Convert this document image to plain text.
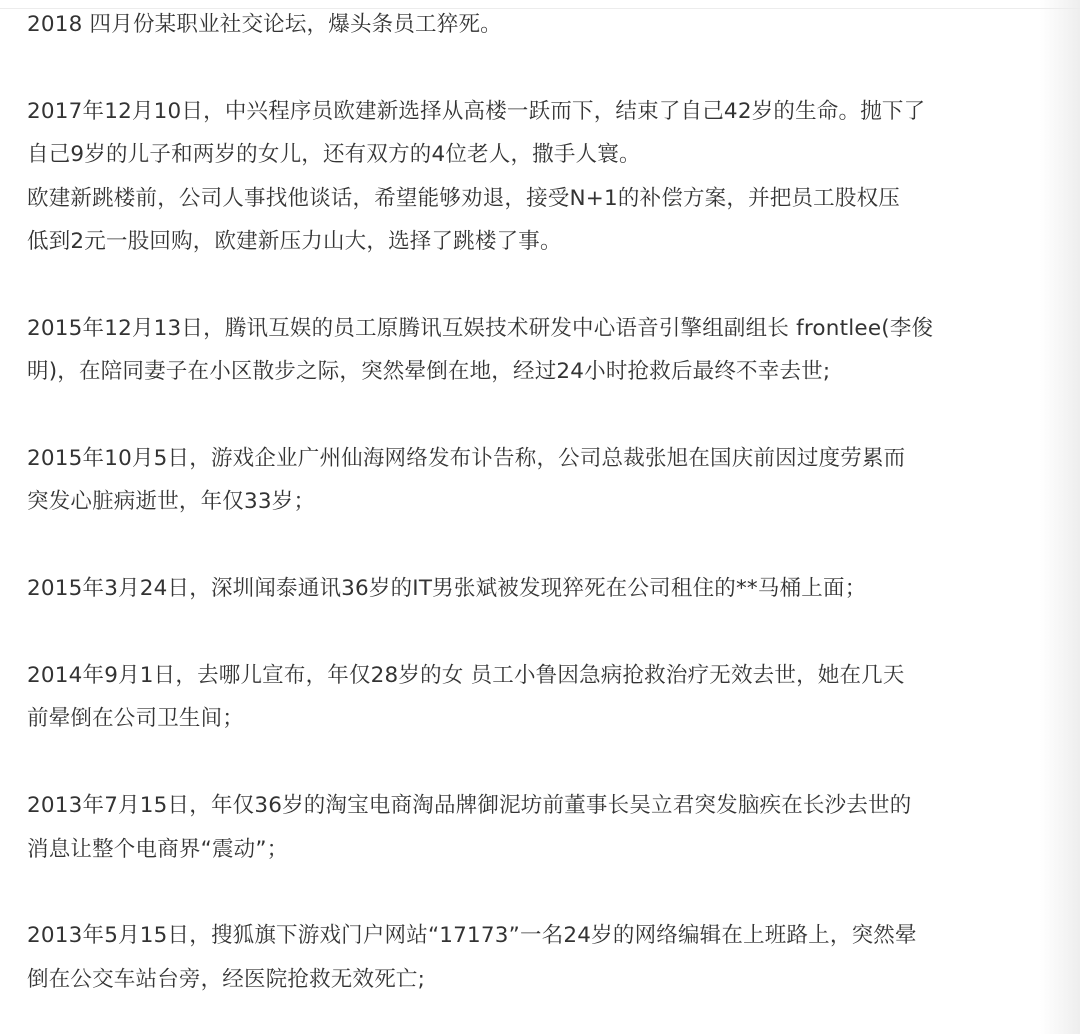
2018 四月份某职业社交论坛，爆头条员工猝死。

2017年12月10日，中兴程序员欧建新选择从高楼一跃而下，结束了自己42岁的生命。抛下了

自己9岁的儿子和两岁的女儿，还有双方的4位老人，撒手人寰。

欧建新跳楼前，公司人事找他谈话，希望能够劝退，接受N+1的补偿方案，并把员工股权压

低到2元一股回购，欧建新压力山大，选择了跳楼了事。

2015年12月13日，腾讯互娱的员工原腾讯互娱技术研发中心语音引擎组副组长 frontlee(李俊

明)，在陪同妻子在小区散步之际，突然晕倒在地，经过24小时抢救后最终不幸去世;

2015年10月5日，游戏企业广州仙海网络发布讣告称，公司总裁张旭在国庆前因过度劳累而

突发心脏病逝世，年仅33岁；

2015年3月24日，深圳闻泰通讯36岁的IT男张斌被发现猝死在公司租住的**马桶上面；

2014年9月1日，去哪儿宣布，年仅28岁的女 员工小鲁因急病抢救治疗无效去世，她在几天

前晕倒在公司卫生间；

2013年7月15日，年仅36岁的淘宝电商淘品牌御泥坊前董事长吴立君突发脑疾在长沙去世的

消息让整个电商界“震动”；

2013年5月15日，搜狐旗下游戏门户网站“17173”一名24岁的网络编辑在上班路上，突然晕

倒在公交车站台旁，经医院抢救无效死亡;
